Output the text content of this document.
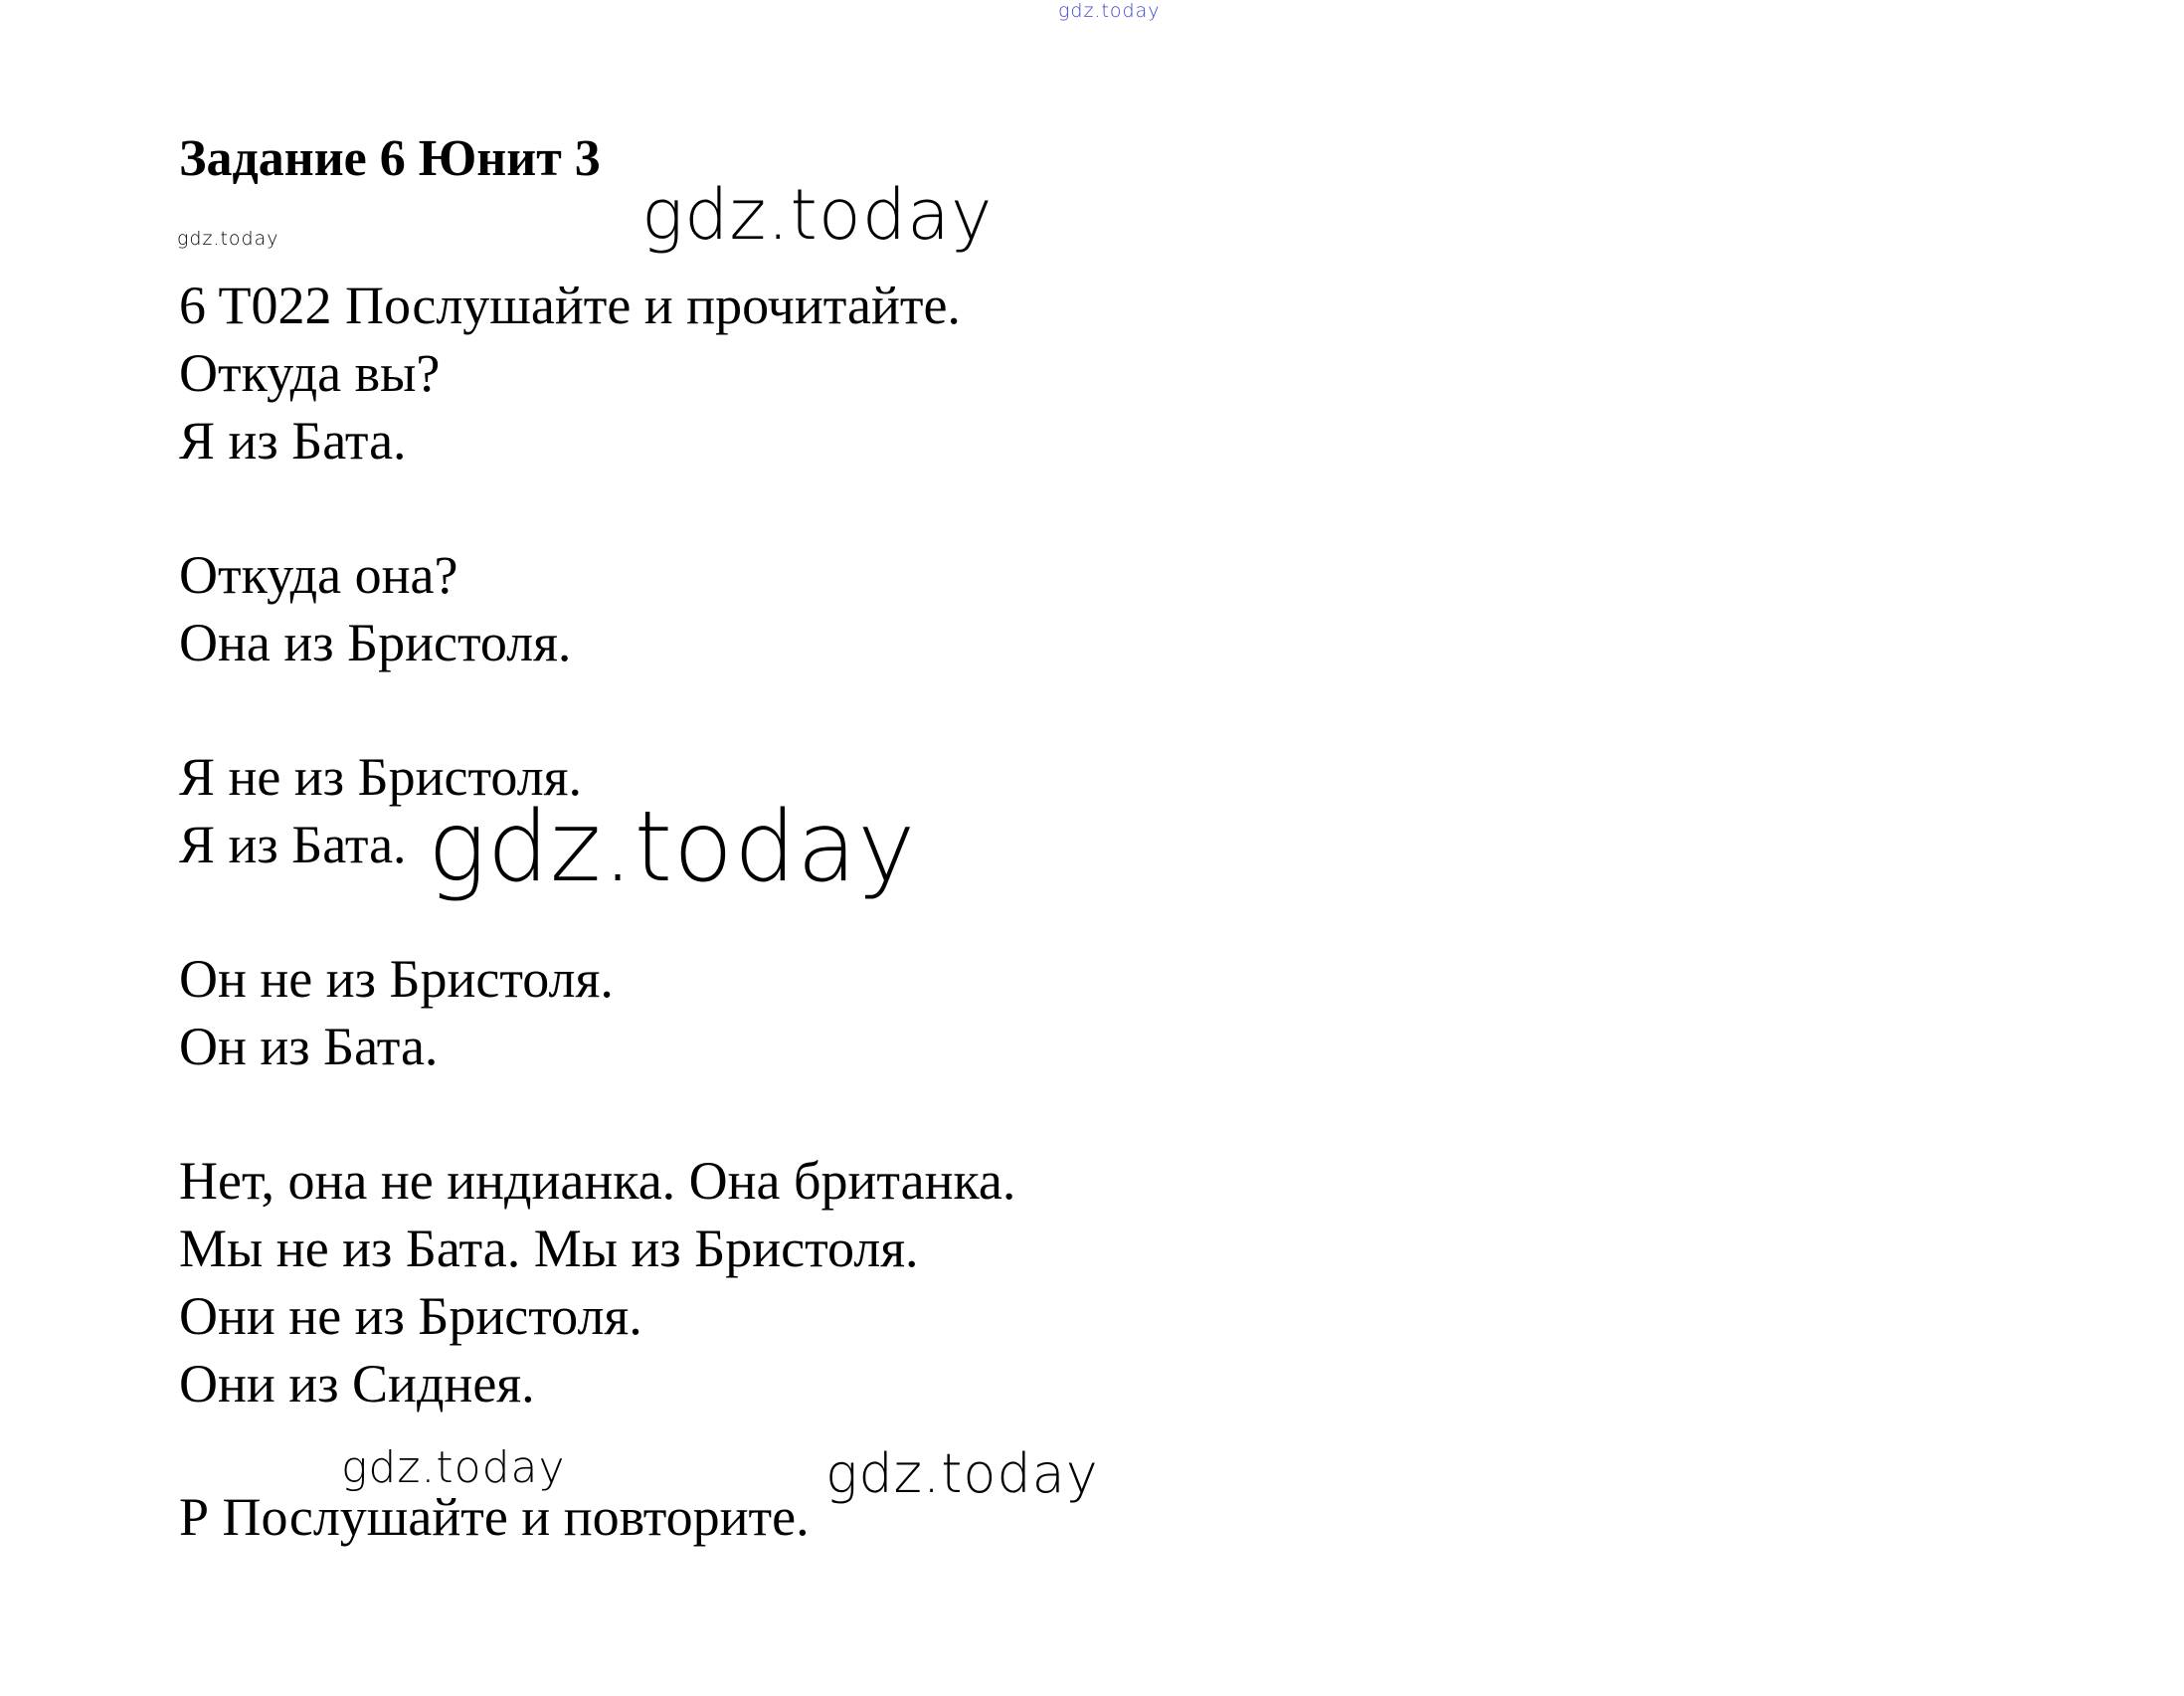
gdz.today
Задание 6 Юнит 3
gdz.today	gdz.today
6 T022 Послушайте и прочитайте.
Откуда вы?
Я из Бата.
Откуда она?
Она из Бристоля.
Я не из Бристоля.
Я из Бата. gdz.today
Он не из Бристоля.
Он из Бата.
Нет, она не индианка. Она британка.
Мы не из Бата. Мы из Бристоля.
Они не из Бристоля.
Они из Сиднея.
gdz.today	gdz.today
Р Послушайте и повторите.
